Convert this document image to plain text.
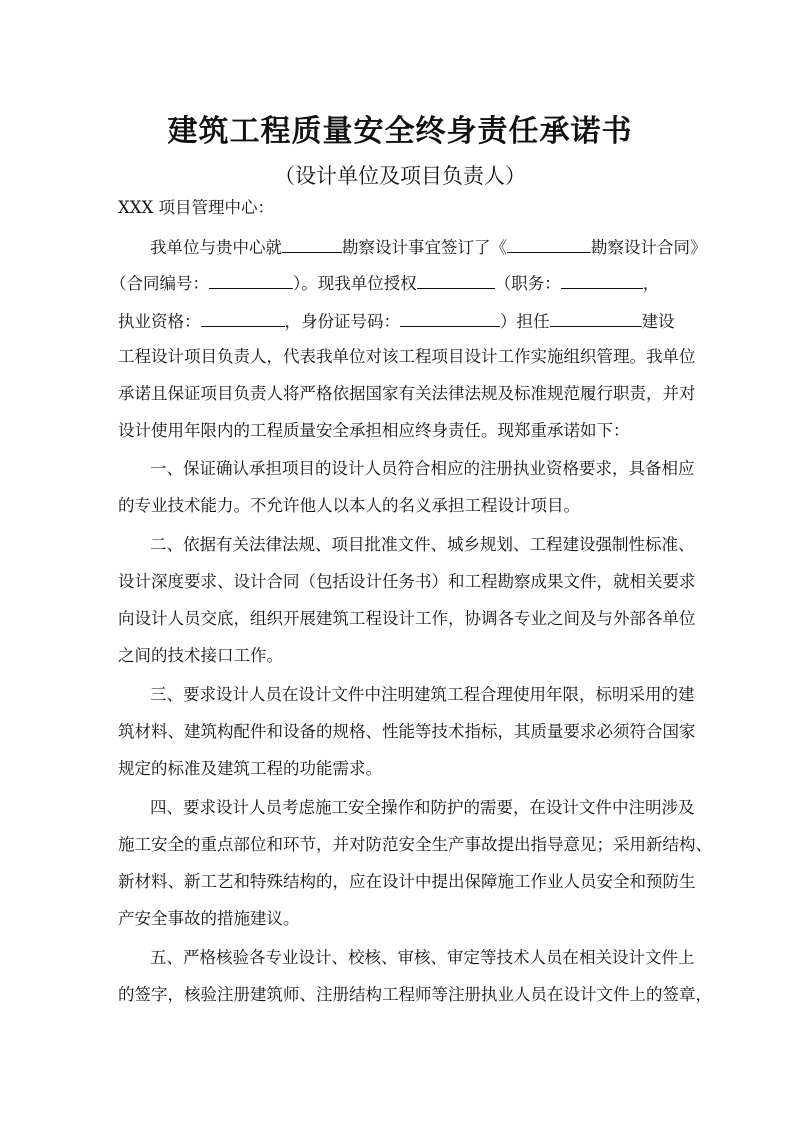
建筑工程质量安全终身责任承诺书
（设计单位及项目负责人）
XXX 项目管理中心：
我单位与贵中心就	勘察设计事宜签订了《	勘察设计合同》
（合同编号：	）。现我单位授权	（职务：	，
执业资格：	，身份证号码：	）担任	建设
工程设计项目负责人，代表我单位对该工程项目设计工作实施组织管理。我单位
承诺且保证项目负责人将严格依据国家有关法律法规及标准规范履行职责，并对
设计使用年限内的工程质量安全承担相应终身责任。现郑重承诺如下：
一、保证确认承担项目的设计人员符合相应的注册执业资格要求，具备相应
的专业技术能力。不允许他人以本人的名义承担工程设计项目。
二、依据有关法律法规、项目批准文件、城乡规划、工程建设强制性标准、
设计深度要求、设计合同（包括设计任务书）和工程勘察成果文件，就相关要求
向设计人员交底，组织开展建筑工程设计工作，协调各专业之间及与外部各单位
之间的技术接口工作。
三、要求设计人员在设计文件中注明建筑工程合理使用年限，标明采用的建
筑材料、建筑构配件和设备的规格、性能等技术指标，其质量要求必须符合国家
规定的标准及建筑工程的功能需求。
四、要求设计人员考虑施工安全操作和防护的需要，在设计文件中注明涉及
施工安全的重点部位和环节，并对防范安全生产事故提出指导意见；采用新结构、
新材料、新工艺和特殊结构的，应在设计中提出保障施工作业人员安全和预防生
产安全事故的措施建议。
五、严格核验各专业设计、校核、审核、审定等技术人员在相关设计文件上
的签字，核验注册建筑师、注册结构工程师等注册执业人员在设计文件上的签章，
